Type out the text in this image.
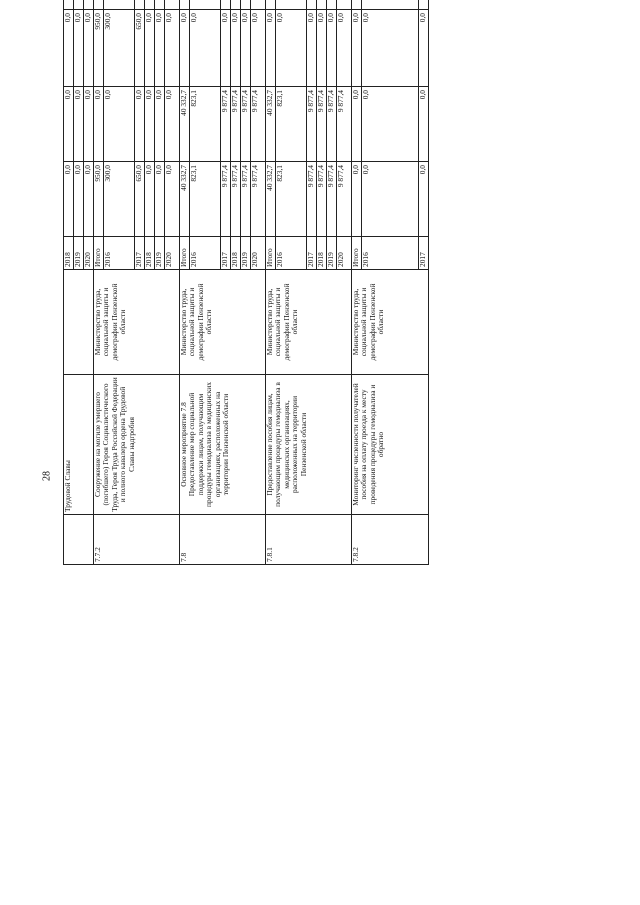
28
	Трудовой Славы		2018	0,0	0,0	0,0					
			2019	0,0	0,0	0,0		
			2020	0,0	0,0	0,0		
7.7.2	Сооружение на могиле умершего (погибшего) Героя Социалистического Труда, Героя Труда Российской Федерации и полного кавалера ордена Трудовой Славы надгробия	Министерство труда, социальной защиты и демографии Пензенской области	Итого	950,0	0,0	950,0					
			2016	300,0	0,0	300,0		
			2017	650,0	0,0	650,0				
			2018	0,0	0,0	0,0		
			2019	0,0	0,0	0,0		
			2020	0,0	0,0	0,0		
7.8	Основное мероприятие 7.8 Предоставление мер социальной поддержки лицам, получающим процедуры гемодиализа в медицинских организациях, расположенных на территории Пензенской области	Министерство труда, социальной защиты и демографии Пензенской области	Итого	40 332,7	40 332,7	0,0					
			2016	823,1	823,1	0,0		
			2017	9 877,4	9 877,4	0,0				
			2018	9 877,4	9 877,4	0,0		
			2019	9 877,4	9 877,4	0,0		
			2020	9 877,4	9 877,4	0,0		
7.8.1	Предоставление пособия лицам, получающим процедуры гемодиализа в медицинских организациях, расположенных на территории Пензенской области	Министерство труда, социальной защиты и демографии Пензенской области	Итого	40 332,7	40 332,7	0,0					
			2016	823,1	823,1	0,0		
			2017	9 877,4	9 877,4	0,0				
			2018	9 877,4	9 877,4	0,0		
			2019	9 877,4	9 877,4	0,0		
			2020	9 877,4	9 877,4	0,0		
7.8.2	Мониторинг численности получателей пособия на оплату проезда к месту проведения процедуры гемодиализа и обратно	Министерство труда, социальной защиты и демографии Пензенской области	Итого	0,0	0,0	0,0					
			2016	0,0	0,0	0,0		
			2017	0,0	0,0	0,0				
